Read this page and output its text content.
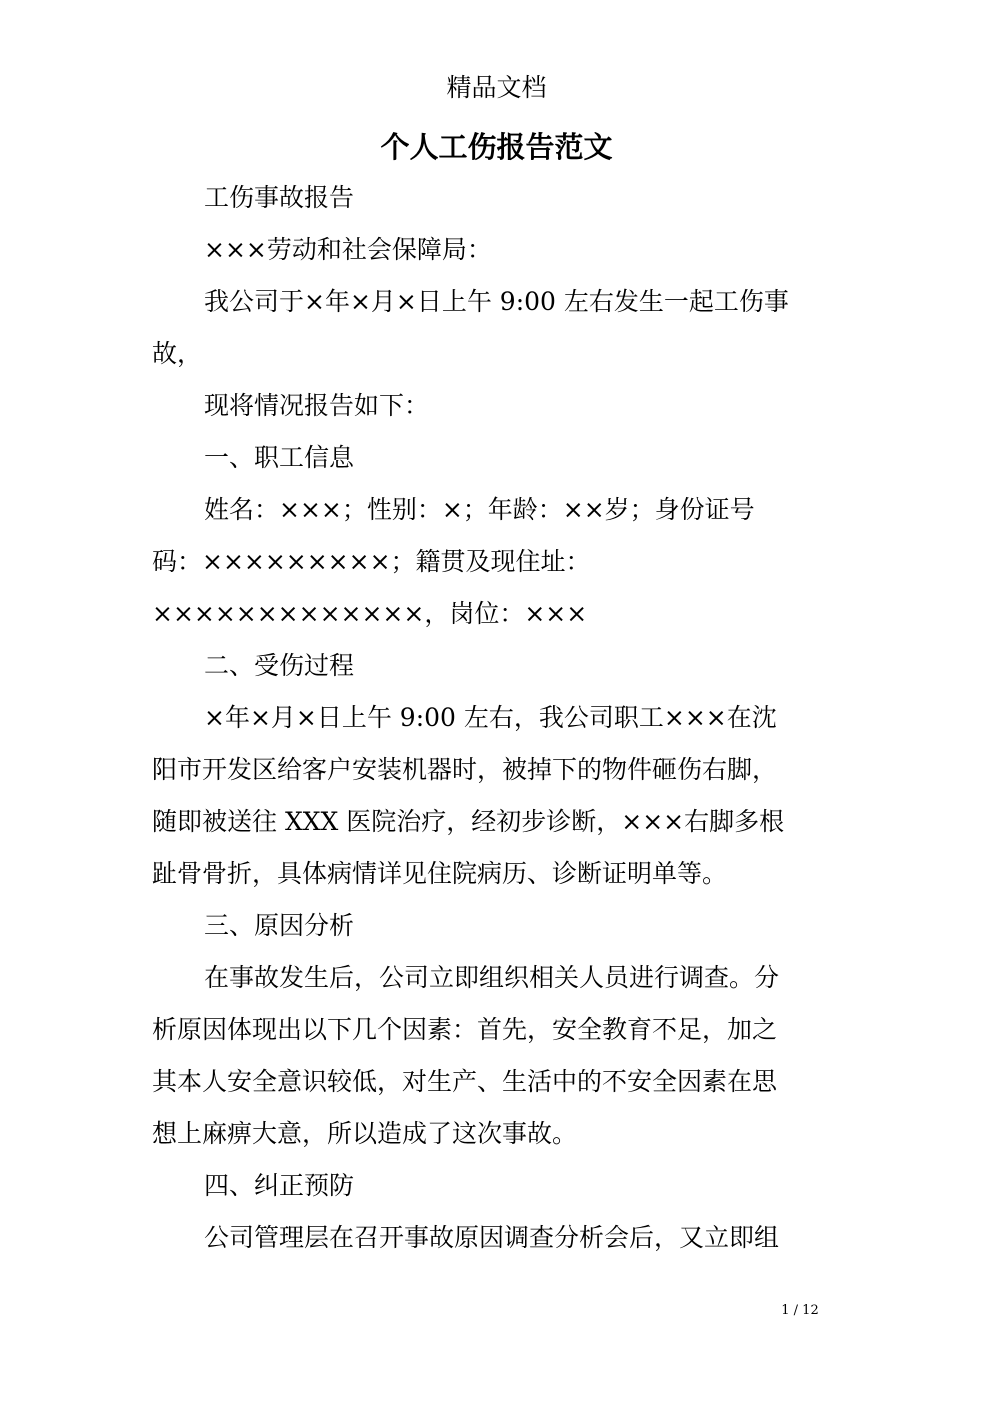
精品文档
个人工伤报告范文

工伤事故报告

×××劳动和社会保障局：

我公司于×年×月×日上午 9:00 左右发生一起工伤事

故，

现将情况报告如下：

一、职工信息

姓名：×××；性别：×；年龄：××岁；身份证号

码：×××××××××；籍贯及现住址：

×××××××××××××，岗位：×××

二、受伤过程

×年×月×日上午 9:00 左右，我公司职工×××在沈

阳市开发区给客户安装机器时，被掉下的物件砸伤右脚，

随即被送往 XXX 医院治疗，经初步诊断，×××右脚多根

趾骨骨折，具体病情详见住院病历、诊断证明单等。

三、原因分析

在事故发生后，公司立即组织相关人员进行调查。分

析原因体现出以下几个因素：首先，安全教育不足，加之

其本人安全意识较低，对生产、生活中的不安全因素在思

想上麻痹大意，所以造成了这次事故。

四、纠正预防

公司管理层在召开事故原因调查分析会后，又立即组

1 / 12
